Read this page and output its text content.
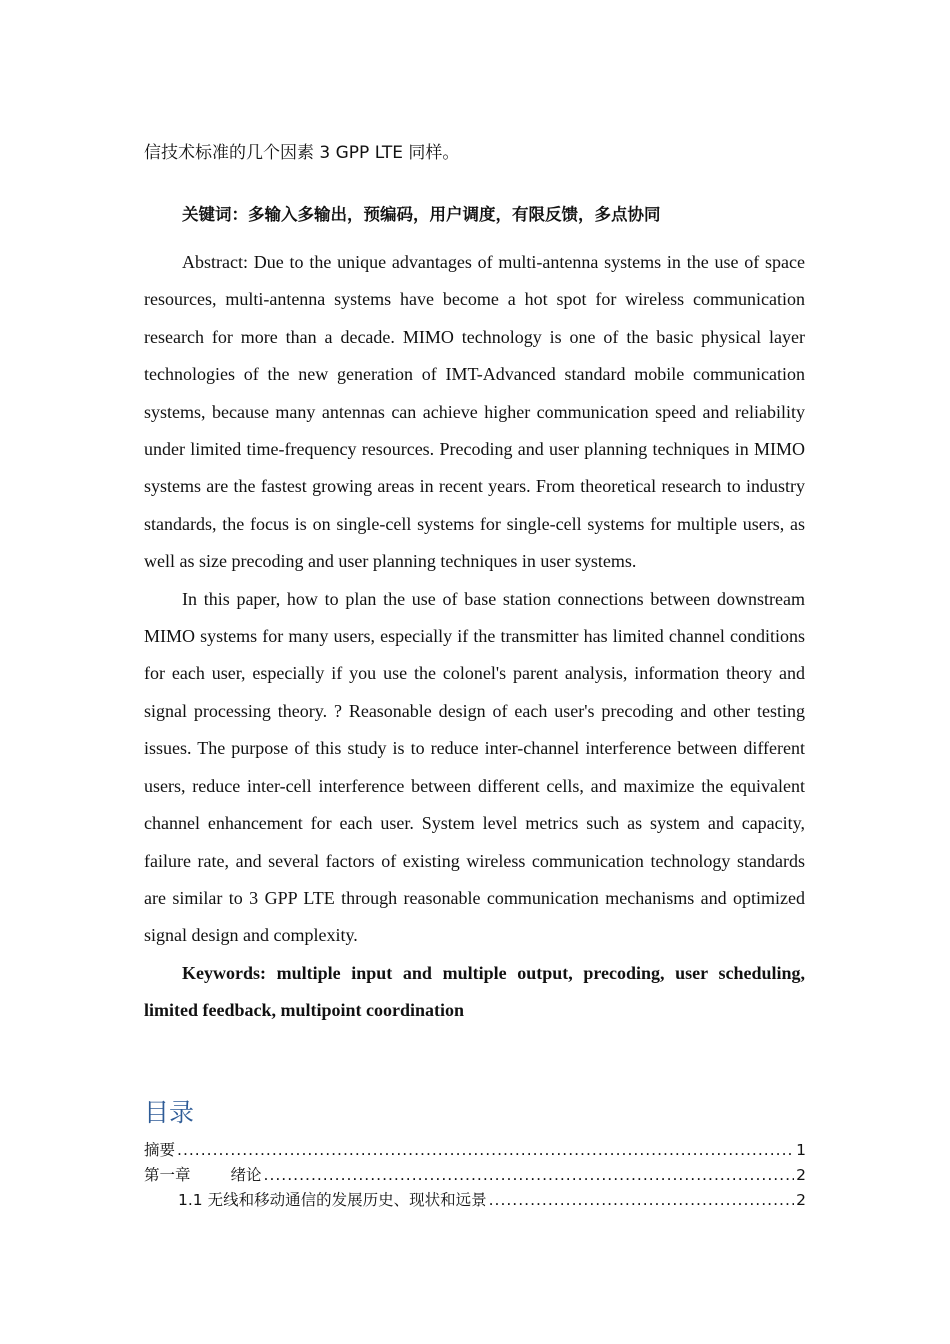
信技术标准的几个因素 3 GPP LTE 同样。
关键词：多输入多输出，预编码，用户调度，有限反馈，多点协同

Abstract: Due to the unique advantages of multi-antenna systems in the use of space resources, multi-antenna systems have become a hot spot for wireless communication research for more than a decade. MIMO technology is one of the basic physical layer technologies of the new generation of IMT-Advanced standard mobile communication systems, because many antennas can achieve higher communication speed and reliability under limited time-frequency resources. Precoding and user planning techniques in MIMO systems are the fastest growing areas in recent years. From theoretical research to industry standards, the focus is on single-cell systems for single-cell systems for multiple users, as well as size precoding and user planning techniques in user systems.

In this paper, how to plan the use of base station connections between downstream MIMO systems for many users, especially if the transmitter has limited channel conditions for each user, especially if you use the colonel's parent analysis, information theory and signal processing theory. ? Reasonable design of each user's precoding and other testing issues. The purpose of this study is to reduce inter-channel interference between different users, reduce inter-cell interference between different cells, and maximize the equivalent channel enhancement for each user. System level metrics such as system and capacity, failure rate, and several factors of existing wireless communication technology standards are similar to 3 GPP LTE through reasonable communication mechanisms and optimized signal design and complexity.

Keywords: multiple input and multiple output, precoding, user scheduling, limited feedback, multipoint coordination

目录
摘要 .....	1
第一章	绪论 .....	2
1.1 无线和移动通信的发展历史、现状和远景 .....	2
